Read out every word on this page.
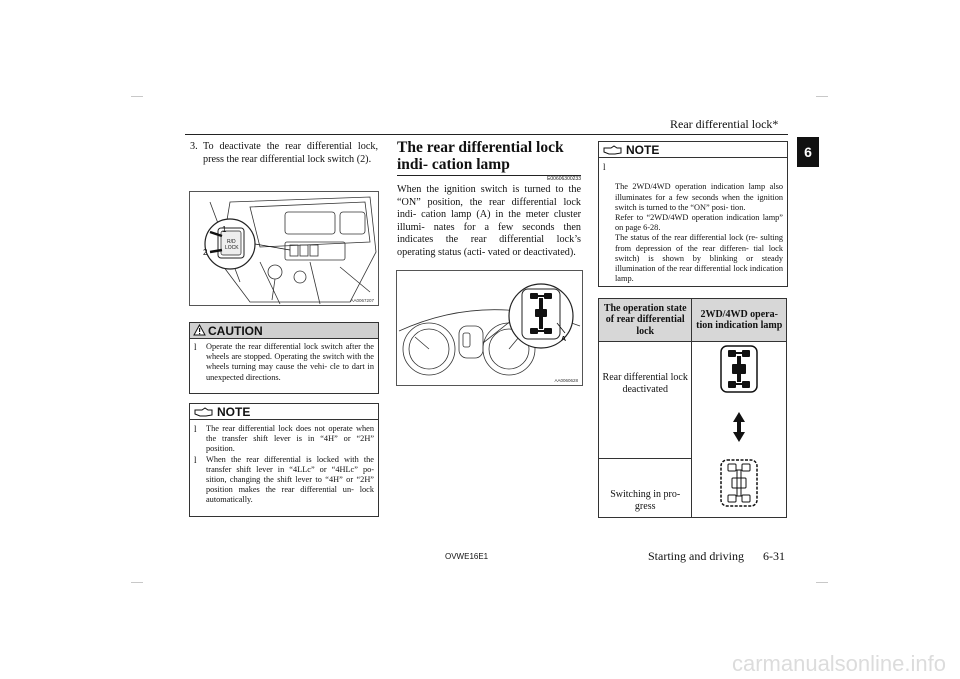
Rear differential lock*
6
3. To deactivate the rear differential lock, press the rear differential lock switch (2).
1
2
R/D
LOCK
AA0067207
CAUTION
l Operate the rear differential lock switch after the wheels are stopped. Operating the switch with the wheels turning may cause the vehi- cle to dart in unexpected directions.
NOTE
l The rear differential lock does not operate when the transfer shift lever is in “4H” or “2H” position.
l When the rear differential is locked with the transfer shift lever in “4LLc” or “4HLc” po- sition, changing the shift lever to “4H” or “2H” position makes the rear differential un- lock automatically.
The rear differential lock indi- cation lamp
E00606300233
When the ignition switch is turned to the “ON” position, the rear differential lock indi- cation lamp (A) in the meter cluster illumi- nates for a few seconds then indicates the rear differential lock’s operating status (acti- vated or deactivated).
A
AA0060628
NOTE

l

The 2WD/4WD operation indication lamp also illuminates for a few seconds when the ignition switch is turned to the “ON” posi- tion.
Refer to “2WD/4WD operation indication lamp” on page 6-28.
The status of the rear differential lock (re- sulting from depression of the rear differen- tial lock switch) is shown by blinking or steady illumination of the rear differential lock indication lamp.

The operation state of rear differential lock	2WD/4WD opera- tion indication lamp
Rear differential lock deactivated	
Switching in pro- gress	
OVWE16E1	Starting and driving 6-31
carmanualsonline.info
